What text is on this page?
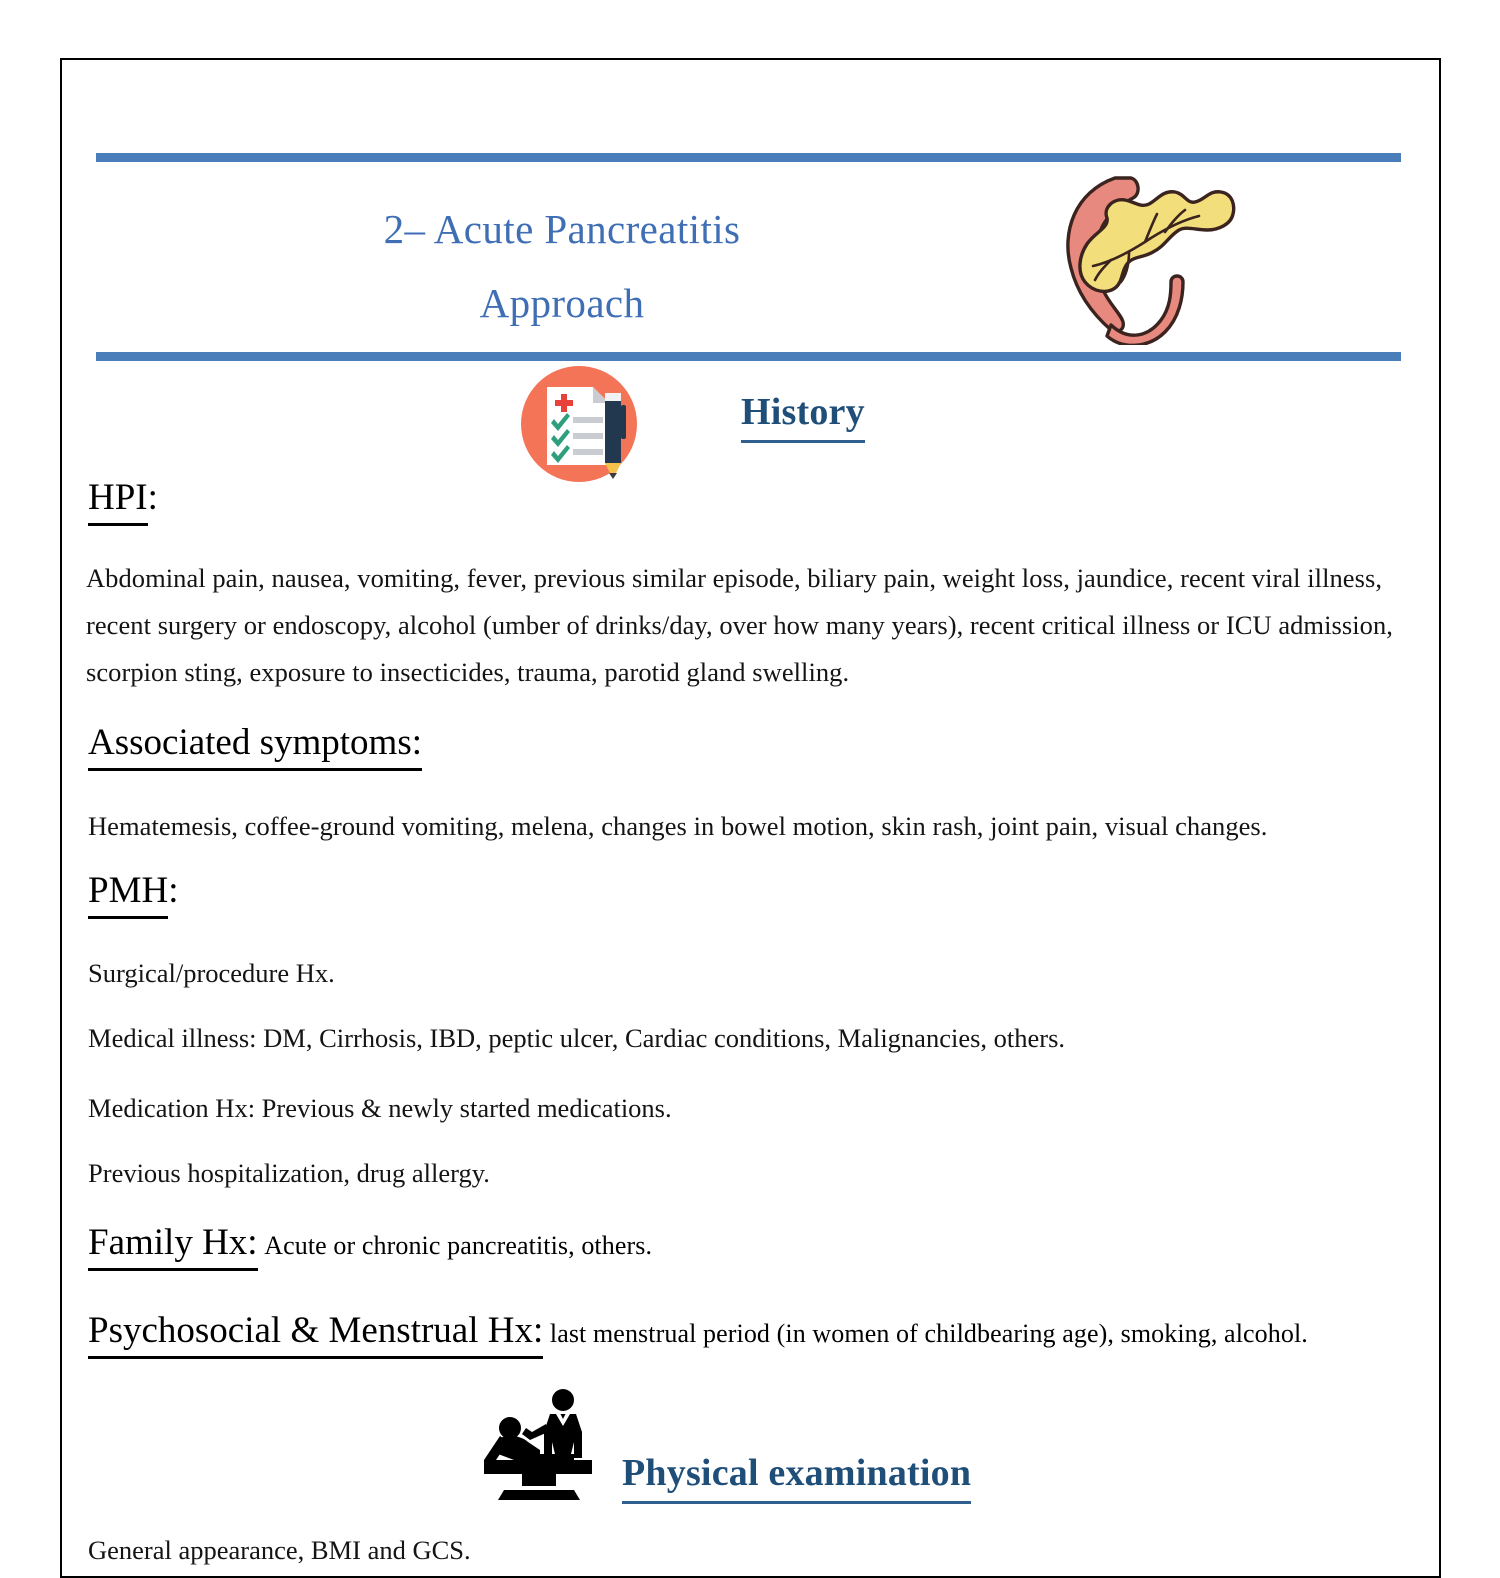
2– Acute Pancreatitis
Approach
History
HPI:
Abdominal pain, nausea, vomiting, fever, previous similar episode, biliary pain, weight loss, jaundice, recent viral illness, recent surgery or endoscopy, alcohol (umber of drinks/day, over how many years), recent critical illness or ICU admission, scorpion sting, exposure to insecticides, trauma, parotid gland swelling.
Associated symptoms:
Hematemesis, coffee-ground vomiting, melena, changes in bowel motion, skin rash, joint pain, visual changes.
PMH:
Surgical/procedure Hx.
Medical illness: DM, Cirrhosis, IBD, peptic ulcer, Cardiac conditions, Malignancies, others.
Medication Hx: Previous & newly started medications.
Previous hospitalization, drug allergy.
Family Hx: Acute or chronic pancreatitis, others.
Psychosocial & Menstrual Hx: last menstrual period (in women of childbearing age), smoking, alcohol.
Physical examination
General appearance, BMI and GCS.
